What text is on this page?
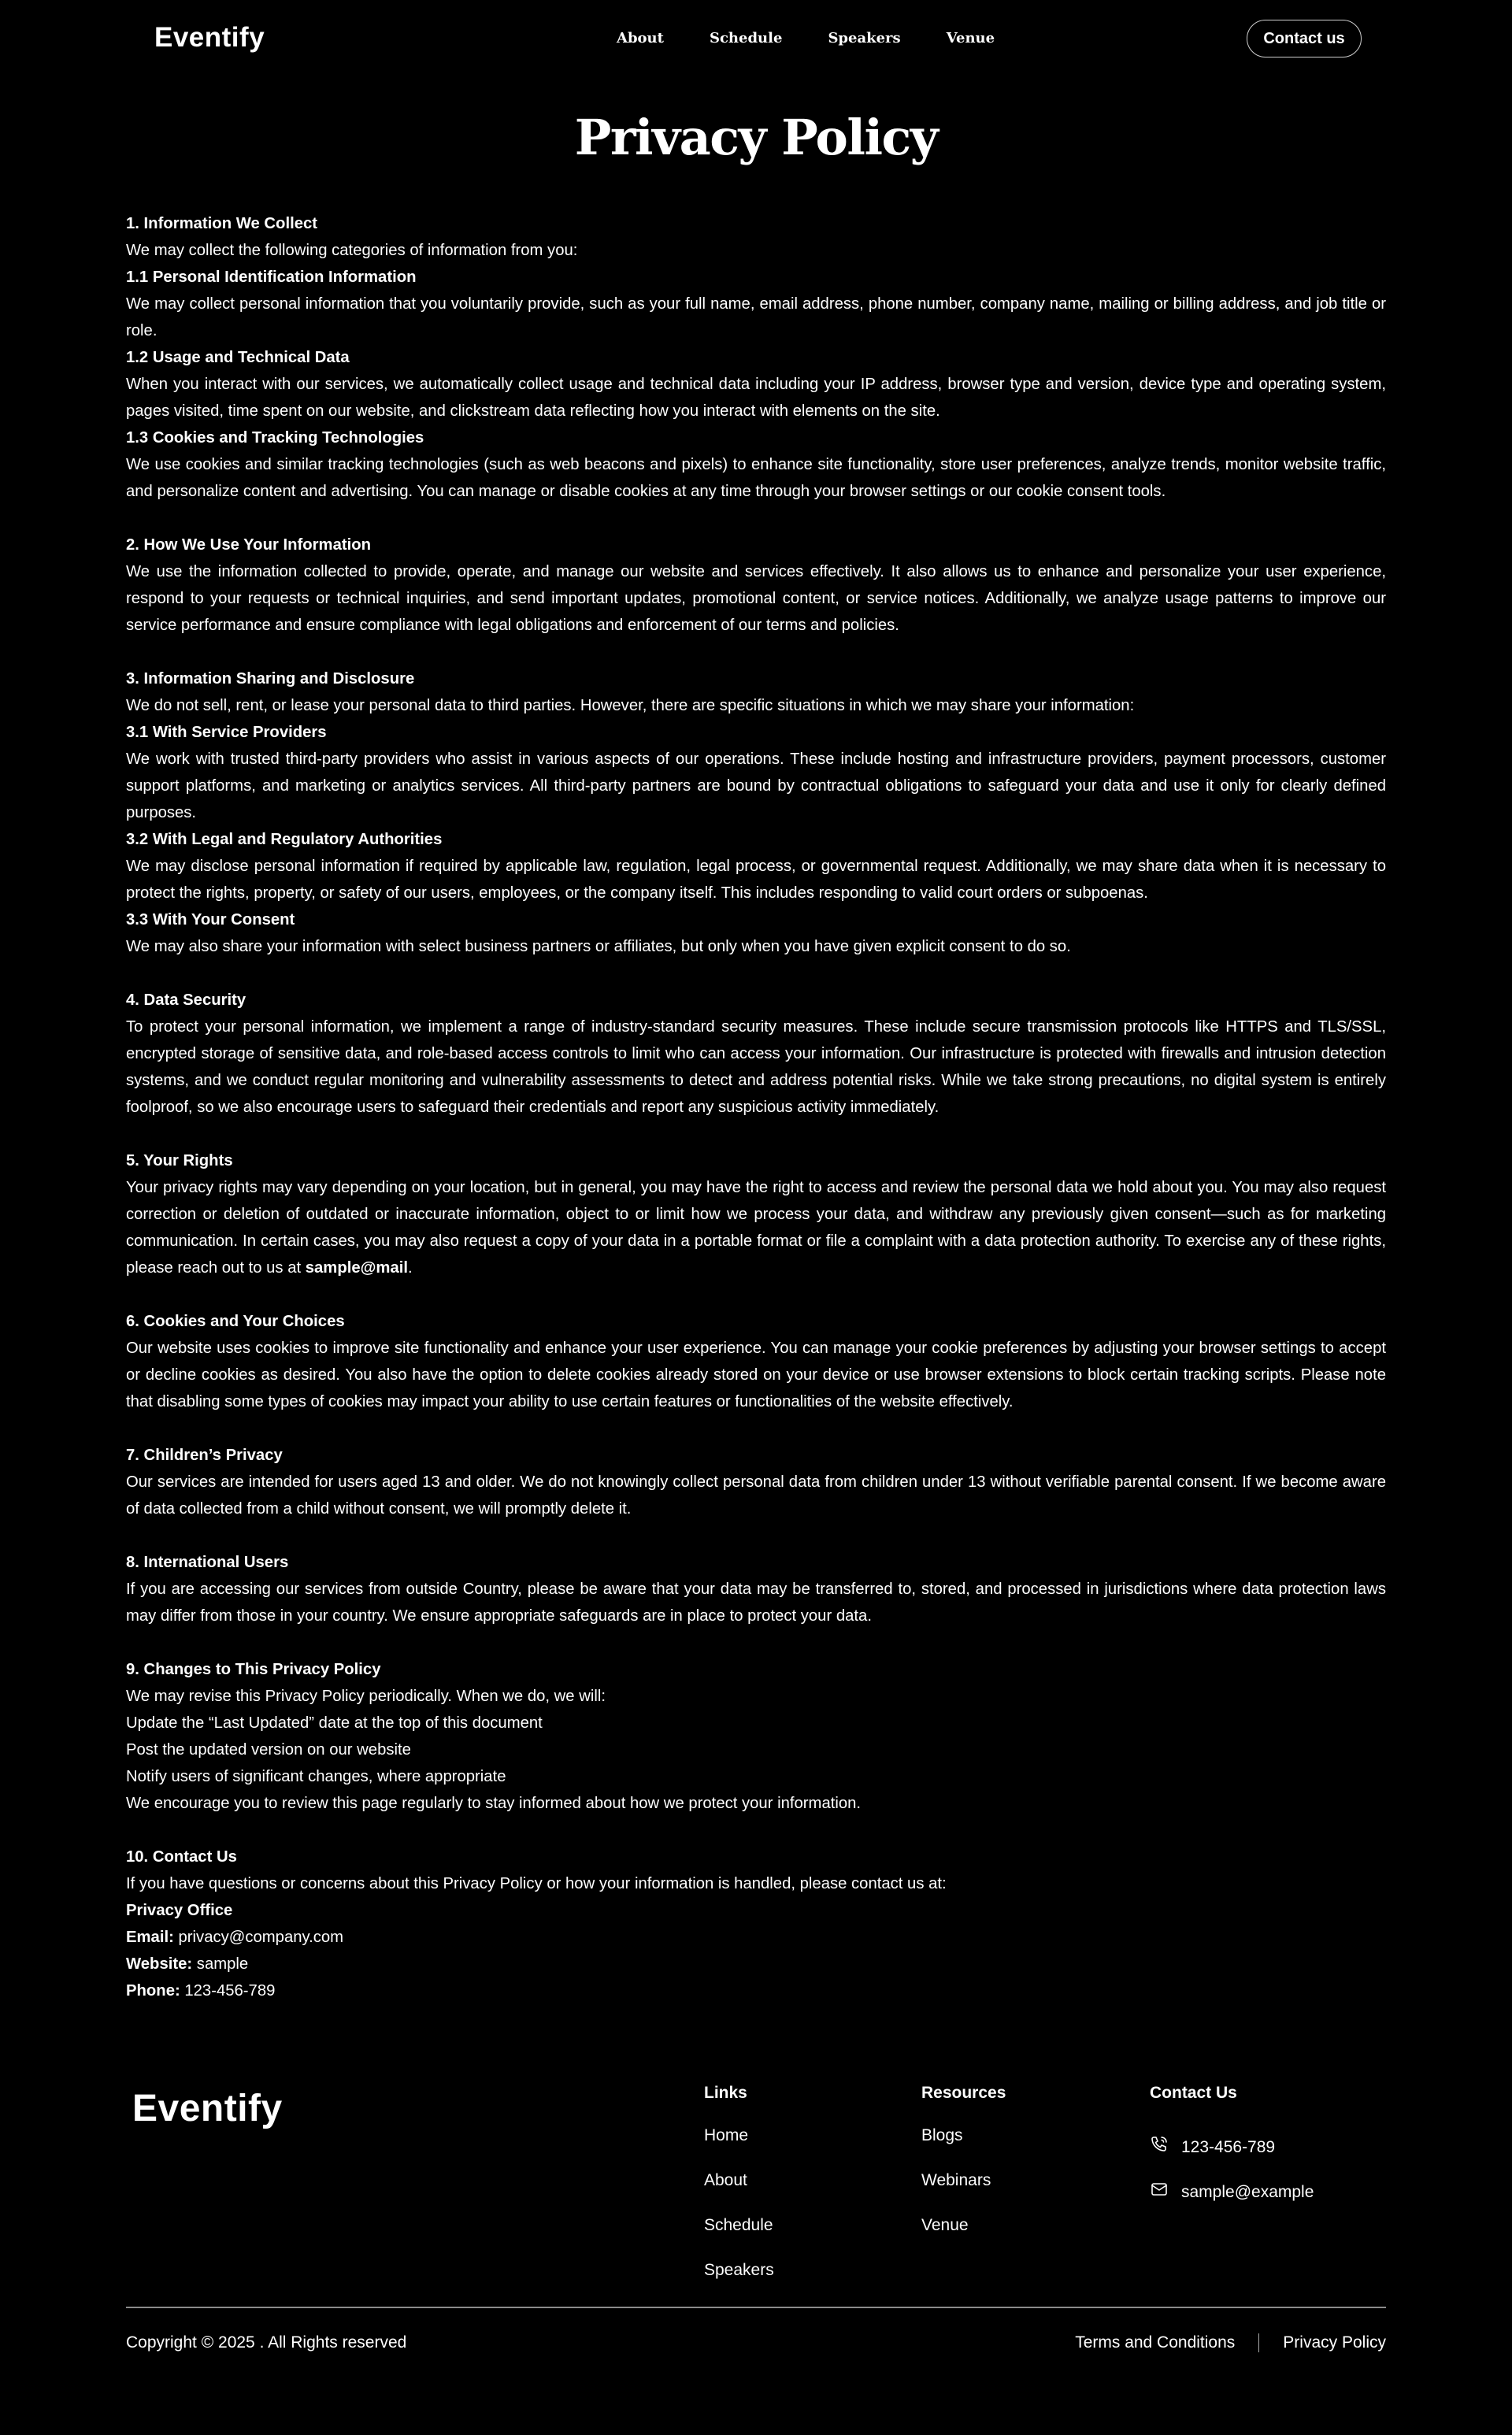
Eventify	About	Schedule	Speakers	Venue	Contact us
Privacy Policy

1. Information We Collect

We may collect the following categories of information from you:

1.1 Personal Identification Information

We may collect personal information that you voluntarily provide, such as your full name, email address, phone number, company name, mailing or billing address, and job title or role.

1.2 Usage and Technical Data

When you interact with our services, we automatically collect usage and technical data including your IP address, browser type and version, device type and operating system, pages visited, time spent on our website, and clickstream data reflecting how you interact with elements on the site.

1.3 Cookies and Tracking Technologies

We use cookies and similar tracking technologies (such as web beacons and pixels) to enhance site functionality, store user preferences, analyze trends, monitor website traffic, and personalize content and advertising. You can manage or disable cookies at any time through your browser settings or our cookie consent tools.

2. How We Use Your Information

We use the information collected to provide, operate, and manage our website and services effectively. It also allows us to enhance and personalize your user experience, respond to your requests or technical inquiries, and send important updates, promotional content, or service notices. Additionally, we analyze usage patterns to improve our service performance and ensure compliance with legal obligations and enforcement of our terms and policies.

3. Information Sharing and Disclosure

We do not sell, rent, or lease your personal data to third parties. However, there are specific situations in which we may share your information:

3.1 With Service Providers

We work with trusted third-party providers who assist in various aspects of our operations. These include hosting and infrastructure providers, payment processors, customer support platforms, and marketing or analytics services. All third-party partners are bound by contractual obligations to safeguard your data and use it only for clearly defined purposes.

3.2 With Legal and Regulatory Authorities

We may disclose personal information if required by applicable law, regulation, legal process, or governmental request. Additionally, we may share data when it is necessary to protect the rights, property, or safety of our users, employees, or the company itself. This includes responding to valid court orders or subpoenas.

3.3 With Your Consent

We may also share your information with select business partners or affiliates, but only when you have given explicit consent to do so.

4. Data Security

To protect your personal information, we implement a range of industry-standard security measures. These include secure transmission protocols like HTTPS and TLS/SSL, encrypted storage of sensitive data, and role-based access controls to limit who can access your information. Our infrastructure is protected with firewalls and intrusion detection systems, and we conduct regular monitoring and vulnerability assessments to detect and address potential risks. While we take strong precautions, no digital system is entirely foolproof, so we also encourage users to safeguard their credentials and report any suspicious activity immediately.

5. Your Rights

Your privacy rights may vary depending on your location, but in general, you may have the right to access and review the personal data we hold about you. You may also request correction or deletion of outdated or inaccurate information, object to or limit how we process your data, and withdraw any previously given consent—such as for marketing communication. In certain cases, you may also request a copy of your data in a portable format or file a complaint with a data protection authority. To exercise any of these rights, please reach out to us at sample@mail.

6. Cookies and Your Choices

Our website uses cookies to improve site functionality and enhance your user experience. You can manage your cookie preferences by adjusting your browser settings to accept or decline cookies as desired. You also have the option to delete cookies already stored on your device or use browser extensions to block certain tracking scripts. Please note that disabling some types of cookies may impact your ability to use certain features or functionalities of the website effectively.

7. Children’s Privacy

Our services are intended for users aged 13 and older. We do not knowingly collect personal data from children under 13 without verifiable parental consent. If we become aware of data collected from a child without consent, we will promptly delete it.

8. International Users

If you are accessing our services from outside Country, please be aware that your data may be transferred to, stored, and processed in jurisdictions where data protection laws may differ from those in your country. We ensure appropriate safeguards are in place to protect your data.

9. Changes to This Privacy Policy

We may revise this Privacy Policy periodically. When we do, we will:

Update the “Last Updated” date at the top of this document

Post the updated version on our website

Notify users of significant changes, where appropriate

We encourage you to review this page regularly to stay informed about how we protect your information.

10. Contact Us

If you have questions or concerns about this Privacy Policy or how your information is handled, please contact us at:

Privacy Office

Email: privacy@company.com

Website: sample

Phone: 123-456-789

Eventify	Links
Home
About
Schedule
Speakers
Resources
Blogs
Webinars
Venue
Contact Us
123-456-789
sample@example
Copyright © 2025 . All Rights reserved	Terms and Conditions	Privacy Policy
